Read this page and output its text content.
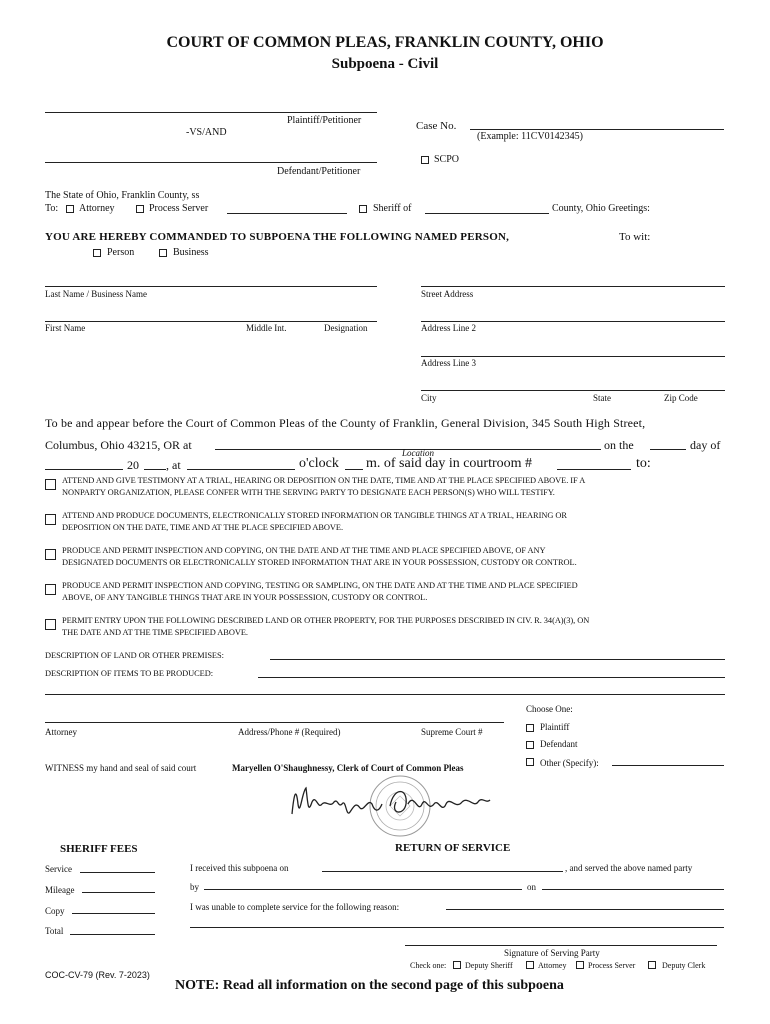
COURT OF COMMON PLEAS, FRANKLIN COUNTY, OHIO
Subpoena - Civil
Plaintiff/Petitioner
-VS/AND
Defendant/Petitioner
Case No.
(Example: 11CV0142345)
SCPO
The State of Ohio, Franklin County, ss
To: Attorney	Process Server	Sheriff of	County, Ohio Greetings:
YOU ARE HEREBY COMMANDED TO SUBPOENA THE FOLLOWING NAMED PERSON,	To wit:
Person	Business
Last Name / Business Name
First Name	Middle Int.	Designation
Street Address
Address Line 2
Address Line 3
City	State	Zip Code
To be and appear before the Court of Common Pleas of the County of Franklin, General Division, 345 South High Street,
Columbus, Ohio 43215, OR at
Location
on the	day of
20 , at	o'clock m. of said day in courtroom #	to:
ATTEND AND GIVE TESTIMONY AT A TRIAL, HEARING OR DEPOSITION ON THE DATE, TIME AND AT THE PLACE SPECIFIED ABOVE. IF A
NONPARTY ORGANIZATION, PLEASE CONFER WITH THE SERVING PARTY TO DESIGNATE EACH PERSON(S) WHO WILL TESTIFY.
ATTEND AND PRODUCE DOCUMENTS, ELECTRONICALLY STORED INFORMATION OR TANGIBLE THINGS AT A TRIAL, HEARING OR
DEPOSITION ON THE DATE, TIME AND AT THE PLACE SPECIFIED ABOVE.
PRODUCE AND PERMIT INSPECTION AND COPYING, ON THE DATE AND AT THE TIME AND PLACE SPECIFIED ABOVE, OF ANY
DESIGNATED DOCUMENTS OR ELECTRONICALLY STORED INFORMATION THAT ARE IN YOUR POSSESSION, CUSTODY OR CONTROL.
PRODUCE AND PERMIT INSPECTION AND COPYING, TESTING OR SAMPLING, ON THE DATE AND AT THE TIME AND PLACE SPECIFIED
ABOVE, OF ANY TANGIBLE THINGS THAT ARE IN YOUR POSSESSION, CUSTODY OR CONTROL.
PERMIT ENTRY UPON THE FOLLOWING DESCRIBED LAND OR OTHER PROPERTY, FOR THE PURPOSES DESCRIBED IN CIV. R. 34(A)(3), ON
THE DATE AND AT THE TIME SPECIFIED ABOVE.
DESCRIPTION OF LAND OR OTHER PREMISES:
DESCRIPTION OF ITEMS TO BE PRODUCED:
Attorney	Address/Phone # (Required)	Supreme Court #
Choose One:
Plaintiff
Defendant
Other (Specify):
WITNESS my hand and seal of said court	Maryellen O'Shaughnessy, Clerk of Court of Common Pleas
SHERIFF FEES
Service
Mileage
Copy
Total
RETURN OF SERVICE
I received this subpoena on	, and served the above named party
by	on
I was unable to complete service for the following reason:
Signature of Serving Party
Check one: Deputy Sheriff	Attorney	Process Server	Deputy Clerk
COC-CV-79 (Rev. 7-2023)
NOTE: Read all information on the second page of this subpoena
